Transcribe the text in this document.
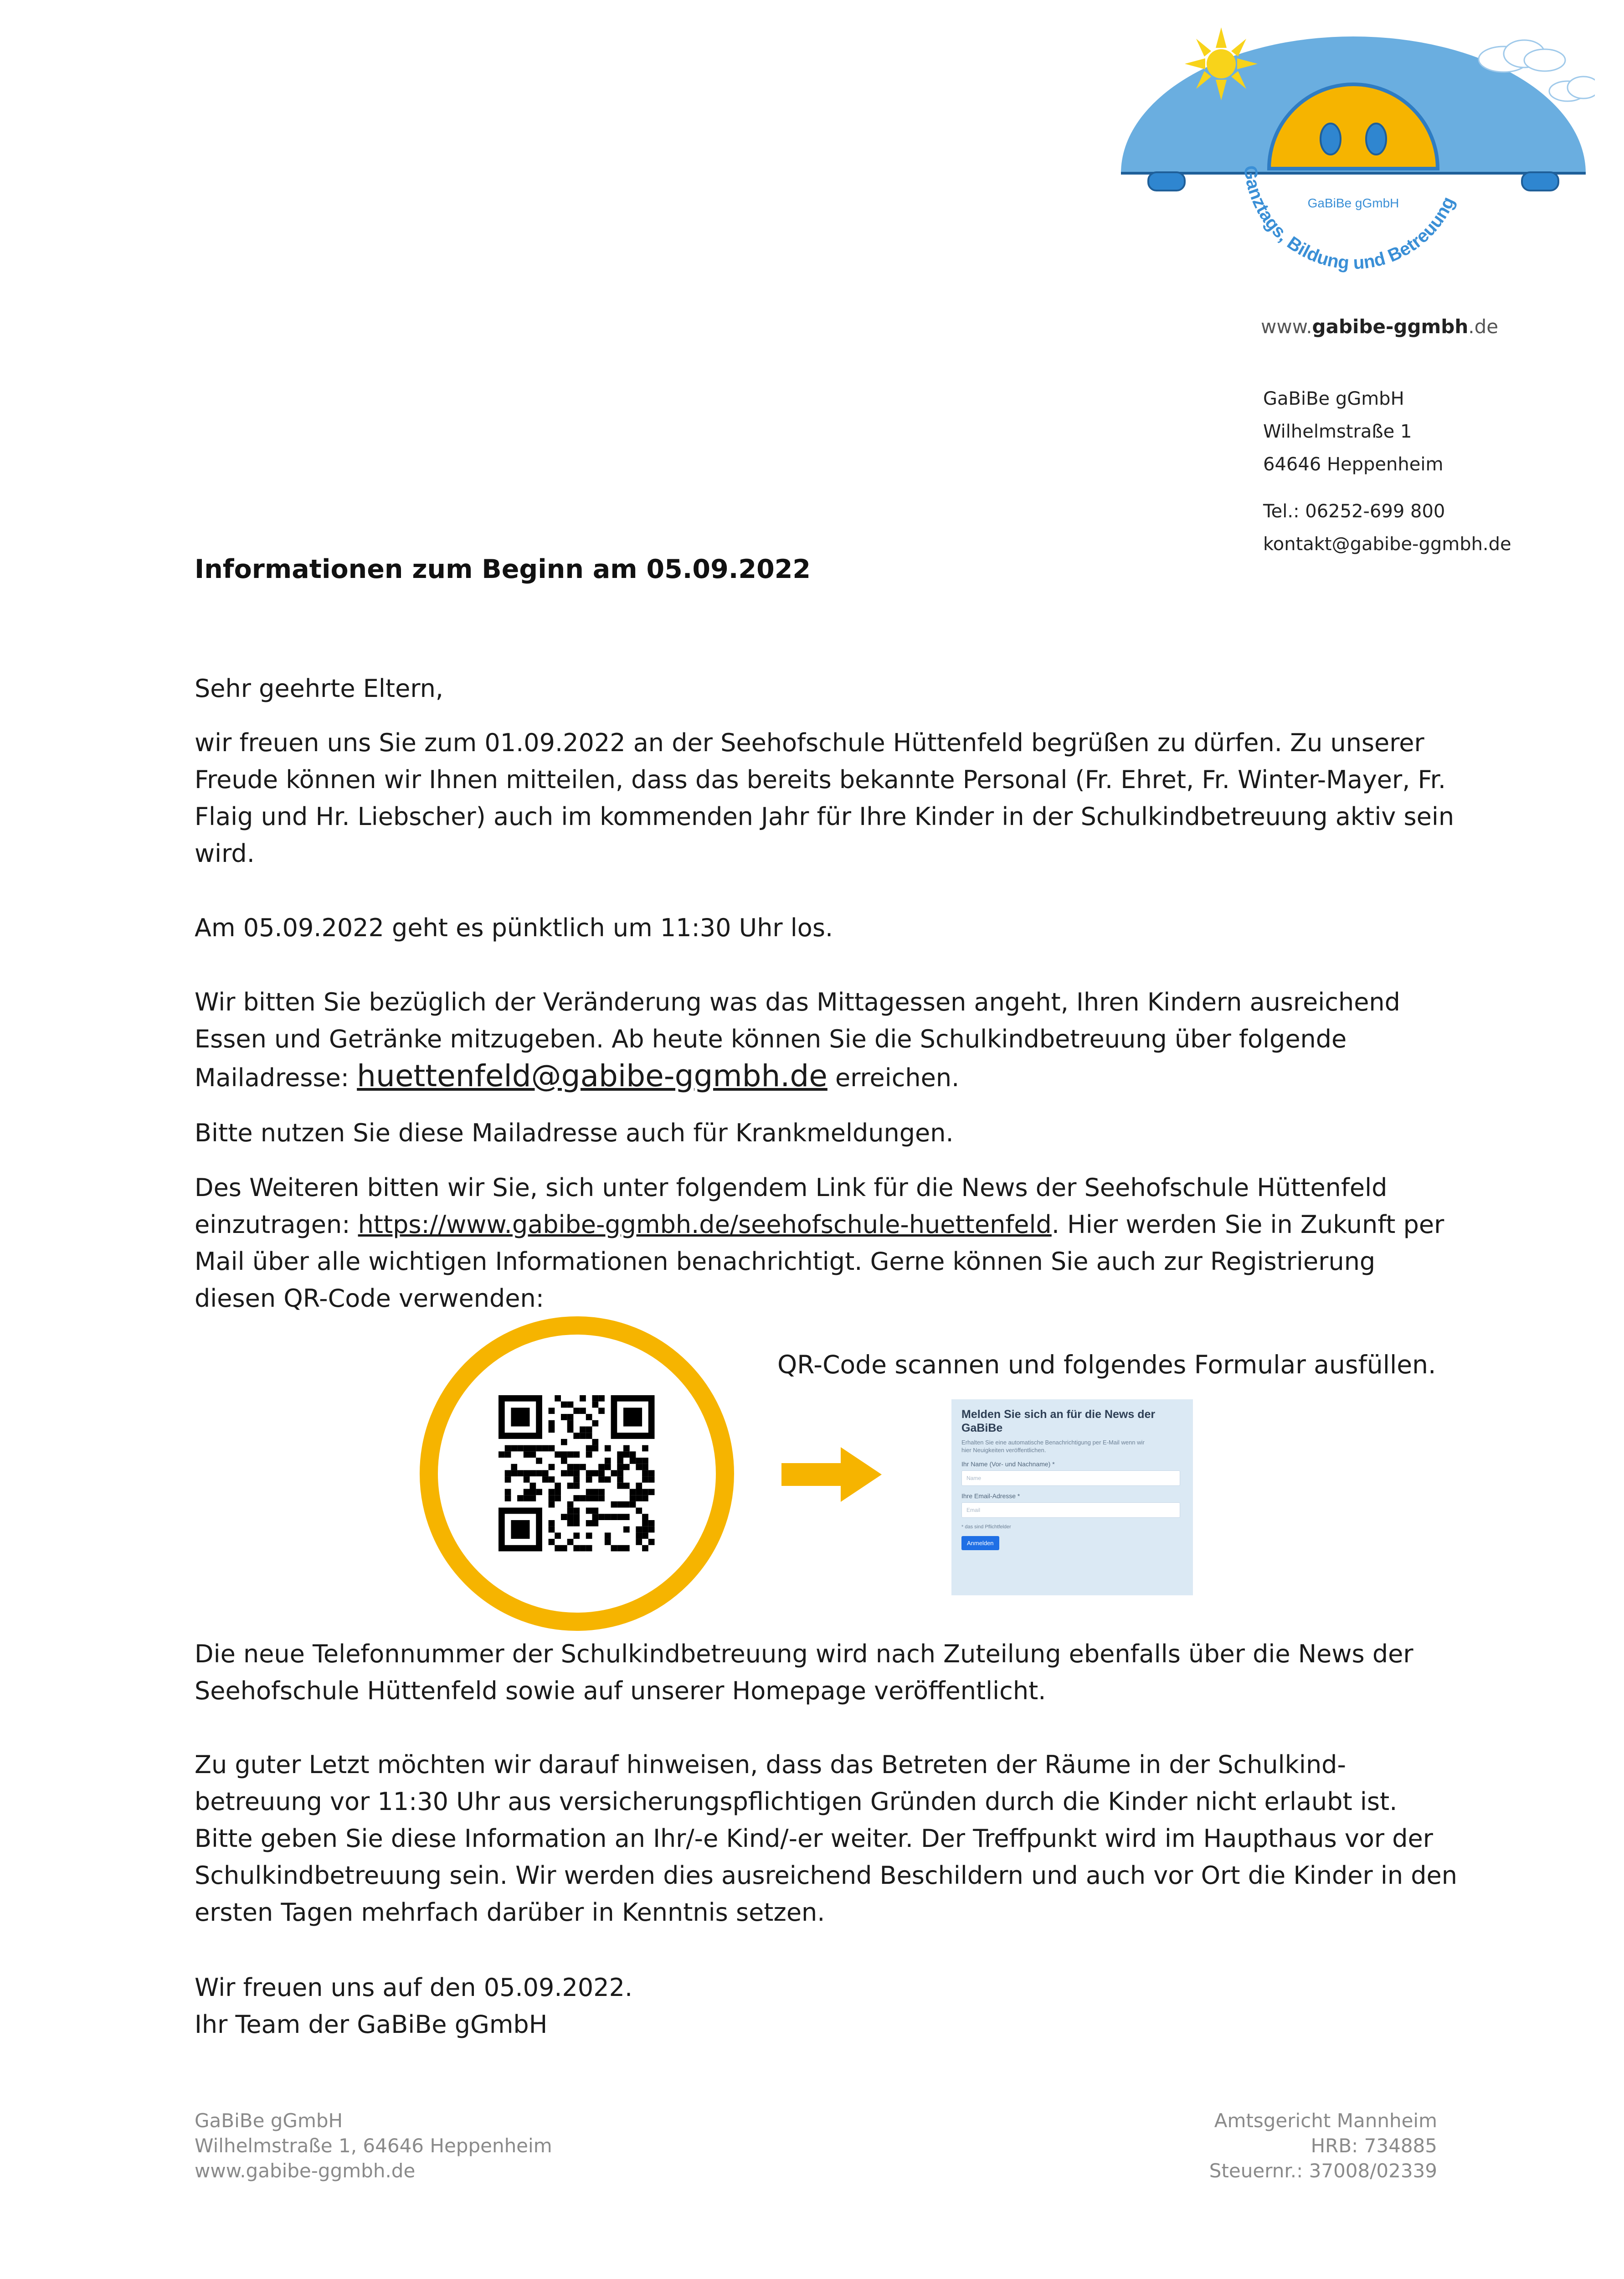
Ganztags, Bildung und Betreuung
GaBiBe gGmbH
www.gabibe-ggmbh.de
GaBiBe gGmbH
Wilhelmstraße 1
64646 Heppenheim
Tel.: 06252-699 800
kontakt@gabibe-ggmbh.de
Informationen zum Beginn am 05.09.2022
Sehr geehrte Eltern,
wir freuen uns Sie zum 01.09.2022 an der Seehofschule Hüttenfeld begrüßen zu dürfen. Zu unserer Freude können wir Ihnen mitteilen, dass das bereits bekannte Personal (Fr. Ehret, Fr. Winter-Mayer, Fr. Flaig und Hr. Liebscher) auch im kommenden Jahr für Ihre Kinder in der Schulkindbetreuung aktiv sein wird.
Am 05.09.2022 geht es pünktlich um 11:30 Uhr los.
Wir bitten Sie bezüglich der Veränderung was das Mittagessen angeht, Ihren Kindern ausreichend Essen und Getränke mitzugeben. Ab heute können Sie die Schulkindbetreuung über folgende Mailadresse: huettenfeld@gabibe-ggmbh.de erreichen.
Bitte nutzen Sie diese Mailadresse auch für Krankmeldungen.
Des Weiteren bitten wir Sie, sich unter folgendem Link für die News der Seehofschule Hüttenfeld einzutragen: https://www.gabibe-ggmbh.de/seehofschule-huettenfeld. Hier werden Sie in Zukunft per Mail über alle wichtigen Informationen benachrichtigt. Gerne können Sie auch zur Registrierung diesen QR-Code verwenden:
QR-Code scannen und folgendes Formular ausfüllen.
Melden Sie sich an für die News der GaBiBe
Erhalten Sie eine automatische Benachrichtigung per E-Mail wenn wir hier Neuigkeiten veröffentlichen.
Ihr Name (Vor- und Nachname) *
Name
Ihre Email-Adresse *
Email
* das sind Pflichtfelder
Anmelden
Die neue Telefonnummer der Schulkindbetreuung wird nach Zuteilung ebenfalls über die News der Seehofschule Hüttenfeld sowie auf unserer Homepage veröffentlicht.
Zu guter Letzt möchten wir darauf hinweisen, dass das Betreten der Räume in der Schulkind-betreuung vor 11:30 Uhr aus versicherungspflichtigen Gründen durch die Kinder nicht erlaubt ist. Bitte geben Sie diese Information an Ihr/-e Kind/-er weiter. Der Treffpunkt wird im Haupthaus vor der Schulkindbetreuung sein. Wir werden dies ausreichend Beschildern und auch vor Ort die Kinder in den ersten Tagen mehrfach darüber in Kenntnis setzen.
Wir freuen uns auf den 05.09.2022.
Ihr Team der GaBiBe gGmbH
GaBiBe gGmbH
Wilhelmstraße 1, 64646 Heppenheim
www.gabibe-ggmbh.de
Amtsgericht Mannheim
HRB: 734885
Steuernr.: 37008/02339
